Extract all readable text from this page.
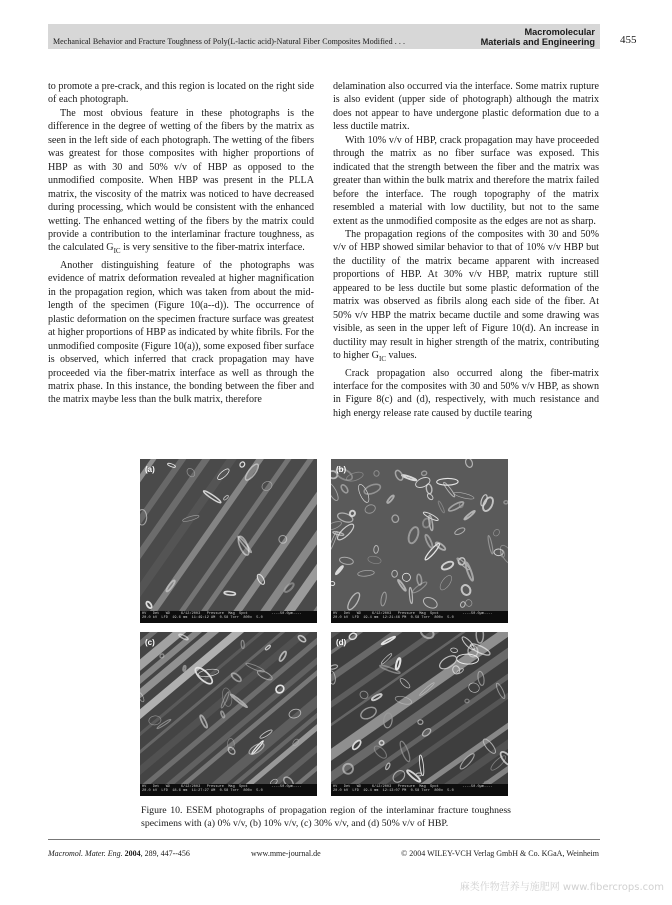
Mechanical Behavior and Fracture Toughness of Poly(L-lactic acid)-Natural Fiber Composites Modified . . .
Macromolecular
Materials and Engineering 455

to promote a pre-crack, and this region is located on the right side of each photograph.

The most obvious feature in these photographs is the difference in the degree of wetting of the fibers by the matrix as seen in the left side of each photograph. The wetting of the fibers was greatest for those composites with higher proportions of HBP as with 30 and 50% v/v of HBP as opposed to the unmodified composite. When HBP was present in the PLLA matrix, the viscosity of the matrix was noticed to have decreased during processing, which would be consistent with the enhanced wetting. The enhanced wetting of the fibers by the matrix could provide a contribution to the interlaminar fracture toughness, as the calculated $G_{IC}$ is very sensitive to the fiber-matrix interface.

Another distinguishing feature of the photographs was evidence of matrix deformation revealed at higher magnification in the propagation region, which was taken from about the mid-length of the specimen (Figure 10(a--d)). The occurrence of plastic deformation on the specimen fracture surface was greatest at higher proportions of HBP as indicated by white fibrils. For the unmodified composite (Figure 10(a)), some exposed fiber surface is observed, which inferred that crack propagation may have proceeded via the fiber-matrix interface as well as through the matrix phase. In this instance, the bonding between the fiber and the matrix maybe less than the bulk matrix, therefore

delamination also occurred via the interface. Some matrix rupture is also evident (upper side of photograph) although the matrix does not appear to have undergone plastic deformation due to a less ductile matrix.

With 10% v/v of HBP, crack propagation may have proceeded through the matrix as no fiber surface was exposed. This indicated that the strength between the fiber and the matrix was greater than within the bulk matrix and therefore the matrix failed before the interface. The rough topography of the matrix resembled a material with low ductility, but not to the same extent as the unmodified composite as the edges are not as sharp.

The propagation regions of the composites with 30 and 50% v/v of HBP showed similar behavior to that of 10% v/v HBP but the ductility of the matrix became apparent with increased proportions of HBP. At 30% v/v HBP, matrix rupture still appeared to be less ductile but some plastic deformation of the matrix was observed as fibrils along each side of the fiber. At 50% v/v HBP the matrix became ductile and some drawing was visible, as seen in the upper left of Figure 10(d). An increase in ductility may result in higher strength of the matrix, contributing to higher $G_{IC}$ values.

Crack propagation also occurred along the fiber-matrix interface for the composites with 30 and 50% v/v HBP, as shown in Figure 8(c) and (d), respectively, with much resistance and high energy release rate caused by ductile tearing

(a)
HV   Det   WD     6/12/2003   Pressure  Mag  Spot           ----50.0µm----
20.0 kV  LFD  19.6 mm  11:49:12 AM  0.58 Torr  800x  5.0
(b)
HV   Det   WD     6/12/2003   Pressure  Mag  Spot           ----50.0µm----
20.0 kV  LFD  19.4 mm  12:21:46 PM  0.58 Torr  800x  5.0
(c)
HV   Det   WD     6/12/2003   Pressure  Mag  Spot           ----50.0µm----
20.0 kV  LFD  18.6 mm  11:27:27 AM  0.58 Torr  800x  5.0
(d)
HV   Det   WD     6/12/2003   Pressure  Mag  Spot           ----50.0µm----
20.0 kV  LFD  19.4 mm  12:13:07 PM  0.58 Torr  800x  5.0
Figure 10. ESEM photographs of propagation region of the interlaminar fracture toughness specimens with (a) 0% v/v, (b) 10% v/v, (c) 30% v/v, and (d) 50% v/v of HBP.
Macromol. Mater. Eng. 2004, 289, 447--456	www.mme-journal.de	© 2004 WILEY-VCH Verlag GmbH & Co. KGaA, Weinheim
麻类作物营养与施肥网 www.fibercrops.com
